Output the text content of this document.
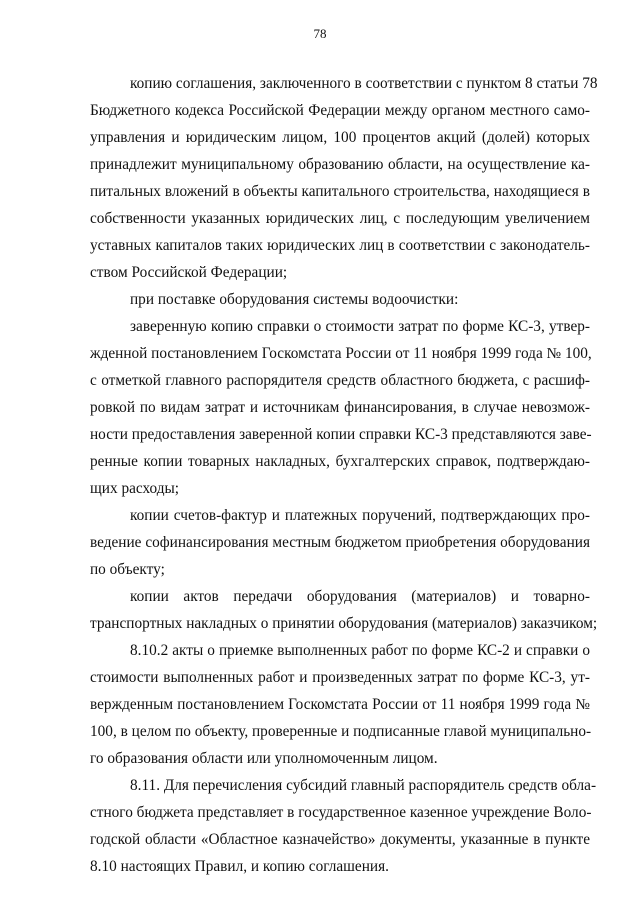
78
копию соглашения, заключенного в соответствии с пунктом 8 статьи 78
Бюджетного кодекса Российской Федерации между органом местного само-
управления и юридическим лицом, 100 процентов акций (долей) которых
принадлежит муниципальному образованию области, на осуществление ка-
питальных вложений в объекты капитального строительства, находящиеся в
собственности указанных юридических лиц, с последующим увеличением
уставных капиталов таких юридических лиц в соответствии с законодатель-
ством Российской Федерации;
при поставке оборудования системы водоочистки:
заверенную копию справки о стоимости затрат по форме КС-3, утвер-
жденной постановлением Госкомстата России от 11 ноября 1999 года № 100,
с отметкой главного распорядителя средств областного бюджета, с расшиф-
ровкой по видам затрат и источникам финансирования, в случае невозмож-
ности предоставления заверенной копии справки КС-3 представляются заве-
ренные копии товарных накладных, бухгалтерских справок, подтверждаю-
щих расходы;
копии счетов-фактур и платежных поручений, подтверждающих про-
ведение софинансирования местным бюджетом приобретения оборудования
по объекту;
копии актов передачи оборудования (материалов) и товарно-
транспортных накладных о принятии оборудования (материалов) заказчиком;
8.10.2 акты о приемке выполненных работ по форме КС-2 и справки о
стоимости выполненных работ и произведенных затрат по форме КС-3, ут-
вержденным постановлением Госкомстата России от 11 ноября 1999 года №
100, в целом по объекту, проверенные и подписанные главой муниципально-
го образования области или уполномоченным лицом.
8.11. Для перечисления субсидий главный распорядитель средств обла-
стного бюджета представляет в государственное казенное учреждение Воло-
годской области «Областное казначейство» документы, указанные в пункте
8.10 настоящих Правил, и копию соглашения.
